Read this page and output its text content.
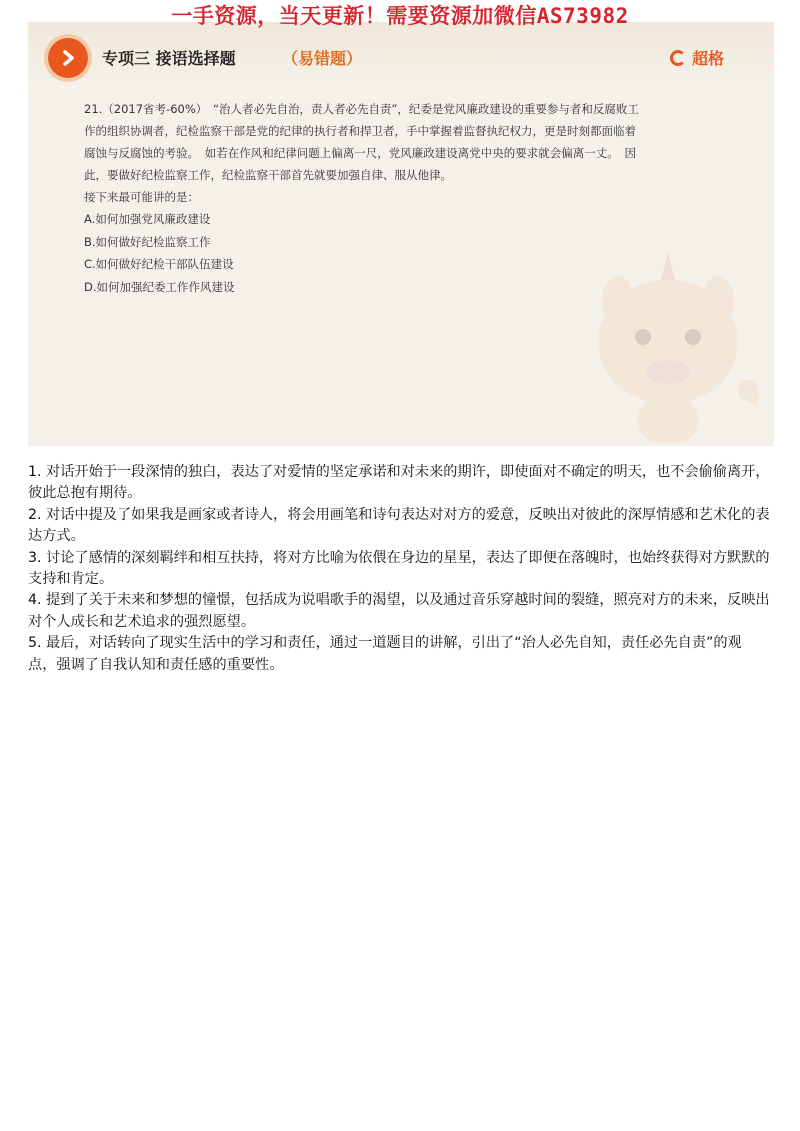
一手资源，当天更新！需要资源加微信AS73982
专项三 接语选择题	（易错题）	超格

21.（2017省考-60%）　“治人者必先自治，责人者必先自责”，纪委是党风廉政建设的重要参与者和反腐败工作的组织协调者，纪检监察干部是党的纪律的执行者和捍卫者，手中掌握着监督执纪权力，更是时刻都面临着腐蚀与反腐蚀的考验。　如若在作风和纪律问题上偏离一尺，党风廉政建设离党中央的要求就会偏离一丈。　因此，要做好纪检监察工作，纪检监察干部首先就要加强自律、服从他律。

接下来最可能讲的是：

A.如何加强党风廉政建设
B.如何做好纪检监察工作
C.如何做好纪检干部队伍建设
D.如何加强纪委工作作风建设

1. 对话开始于一段深情的独白，表达了对爱情的坚定承诺和对未来的期许，即使面对不确定的明天，也不会偷偷离开，彼此总抱有期待。

2. 对话中提及了如果我是画家或者诗人，将会用画笔和诗句表达对对方的爱意，反映出对彼此的深厚情感和艺术化的表达方式。

3. 讨论了感情的深刻羁绊和相互扶持，将对方比喻为依偎在身边的星星，表达了即便在落魄时，也始终获得对方默默的支持和肯定。

4. 提到了关于未来和梦想的憧憬，包括成为说唱歌手的渴望，以及通过音乐穿越时间的裂缝，照亮对方的未来，反映出对个人成长和艺术追求的强烈愿望。

5. 最后，对话转向了现实生活中的学习和责任，通过一道题目的讲解，引出了“治人必先自知，责任必先自责”的观点，强调了自我认知和责任感的重要性。
